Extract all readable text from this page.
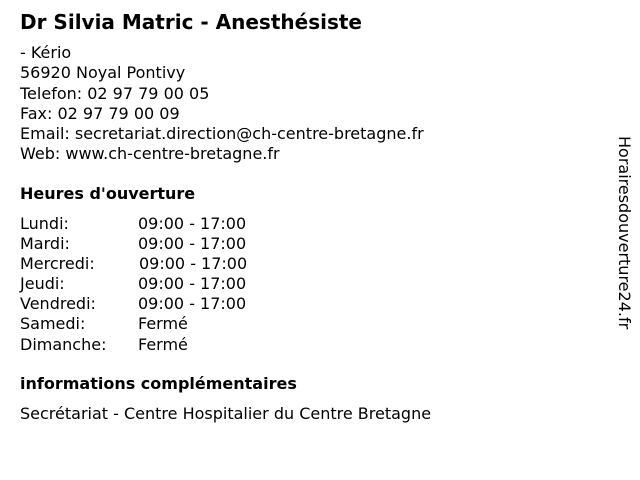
Dr Silvia Matric - Anesthésiste
- Kério
56920 Noyal Pontivy
Telefon: 02 97 79 00 05
Fax: 02 97 79 00 09
Email: secretariat.direction@ch-centre-bretagne.fr
Web: www.ch-centre-bretagne.fr
Heures d'ouverture
Lundi:	09:00 - 17:00
Mardi:	09:00 - 17:00
Mercredi:	09:00 - 17:00
Jeudi:	09:00 - 17:00
Vendredi:	09:00 - 17:00
Samedi:	Fermé
Dimanche: Fermé
informations complémentaires
Secrétariat - Centre Hospitalier du Centre Bretagne
Horairesdouverture24.fr
